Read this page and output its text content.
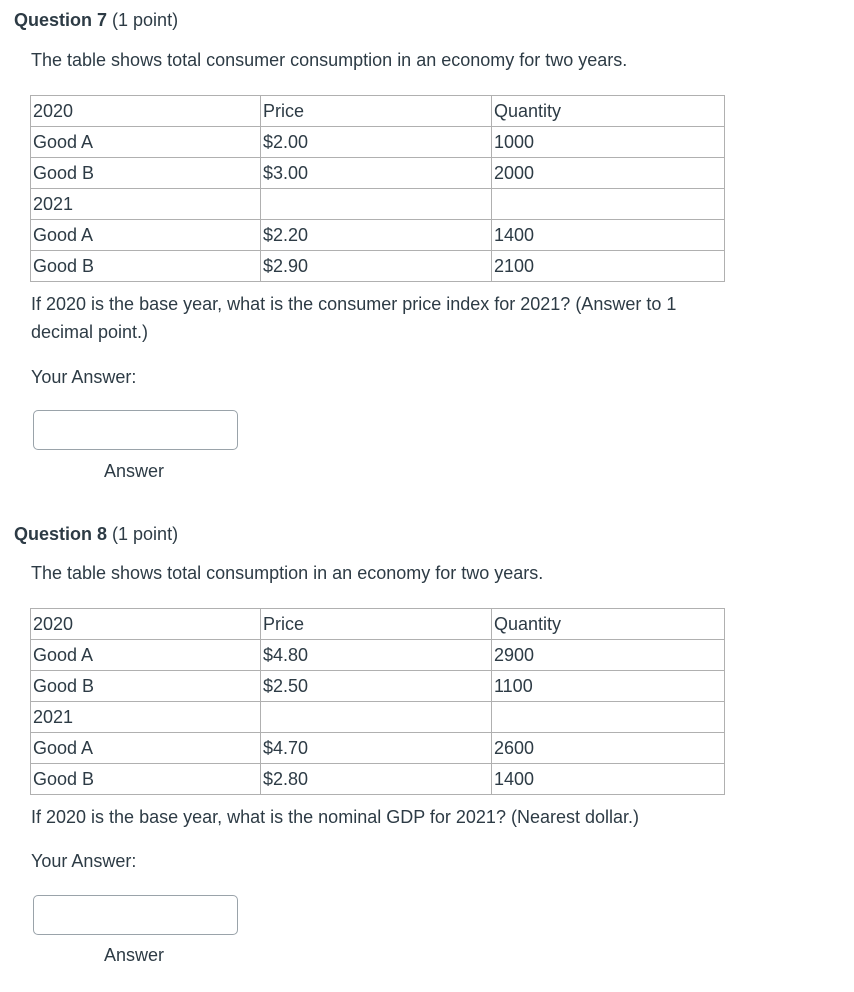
Question 7 (1 point)
The table shows total consumer consumption in an economy for two years.
2020	Price	Quantity
Good A	$2.00	1000
Good B	$3.00	2000
2021		
Good A	$2.20	1400
Good B	$2.90	2100
If 2020 is the base year, what is the consumer price index for 2021? (Answer to 1 decimal point.)
Your Answer:
Answer
Question 8 (1 point)
The table shows total consumption in an economy for two years.
2020	Price	Quantity
Good A	$4.80	2900
Good B	$2.50	1100
2021		
Good A	$4.70	2600
Good B	$2.80	1400
If 2020 is the base year, what is the nominal GDP for 2021? (Nearest dollar.)
Your Answer:
Answer
